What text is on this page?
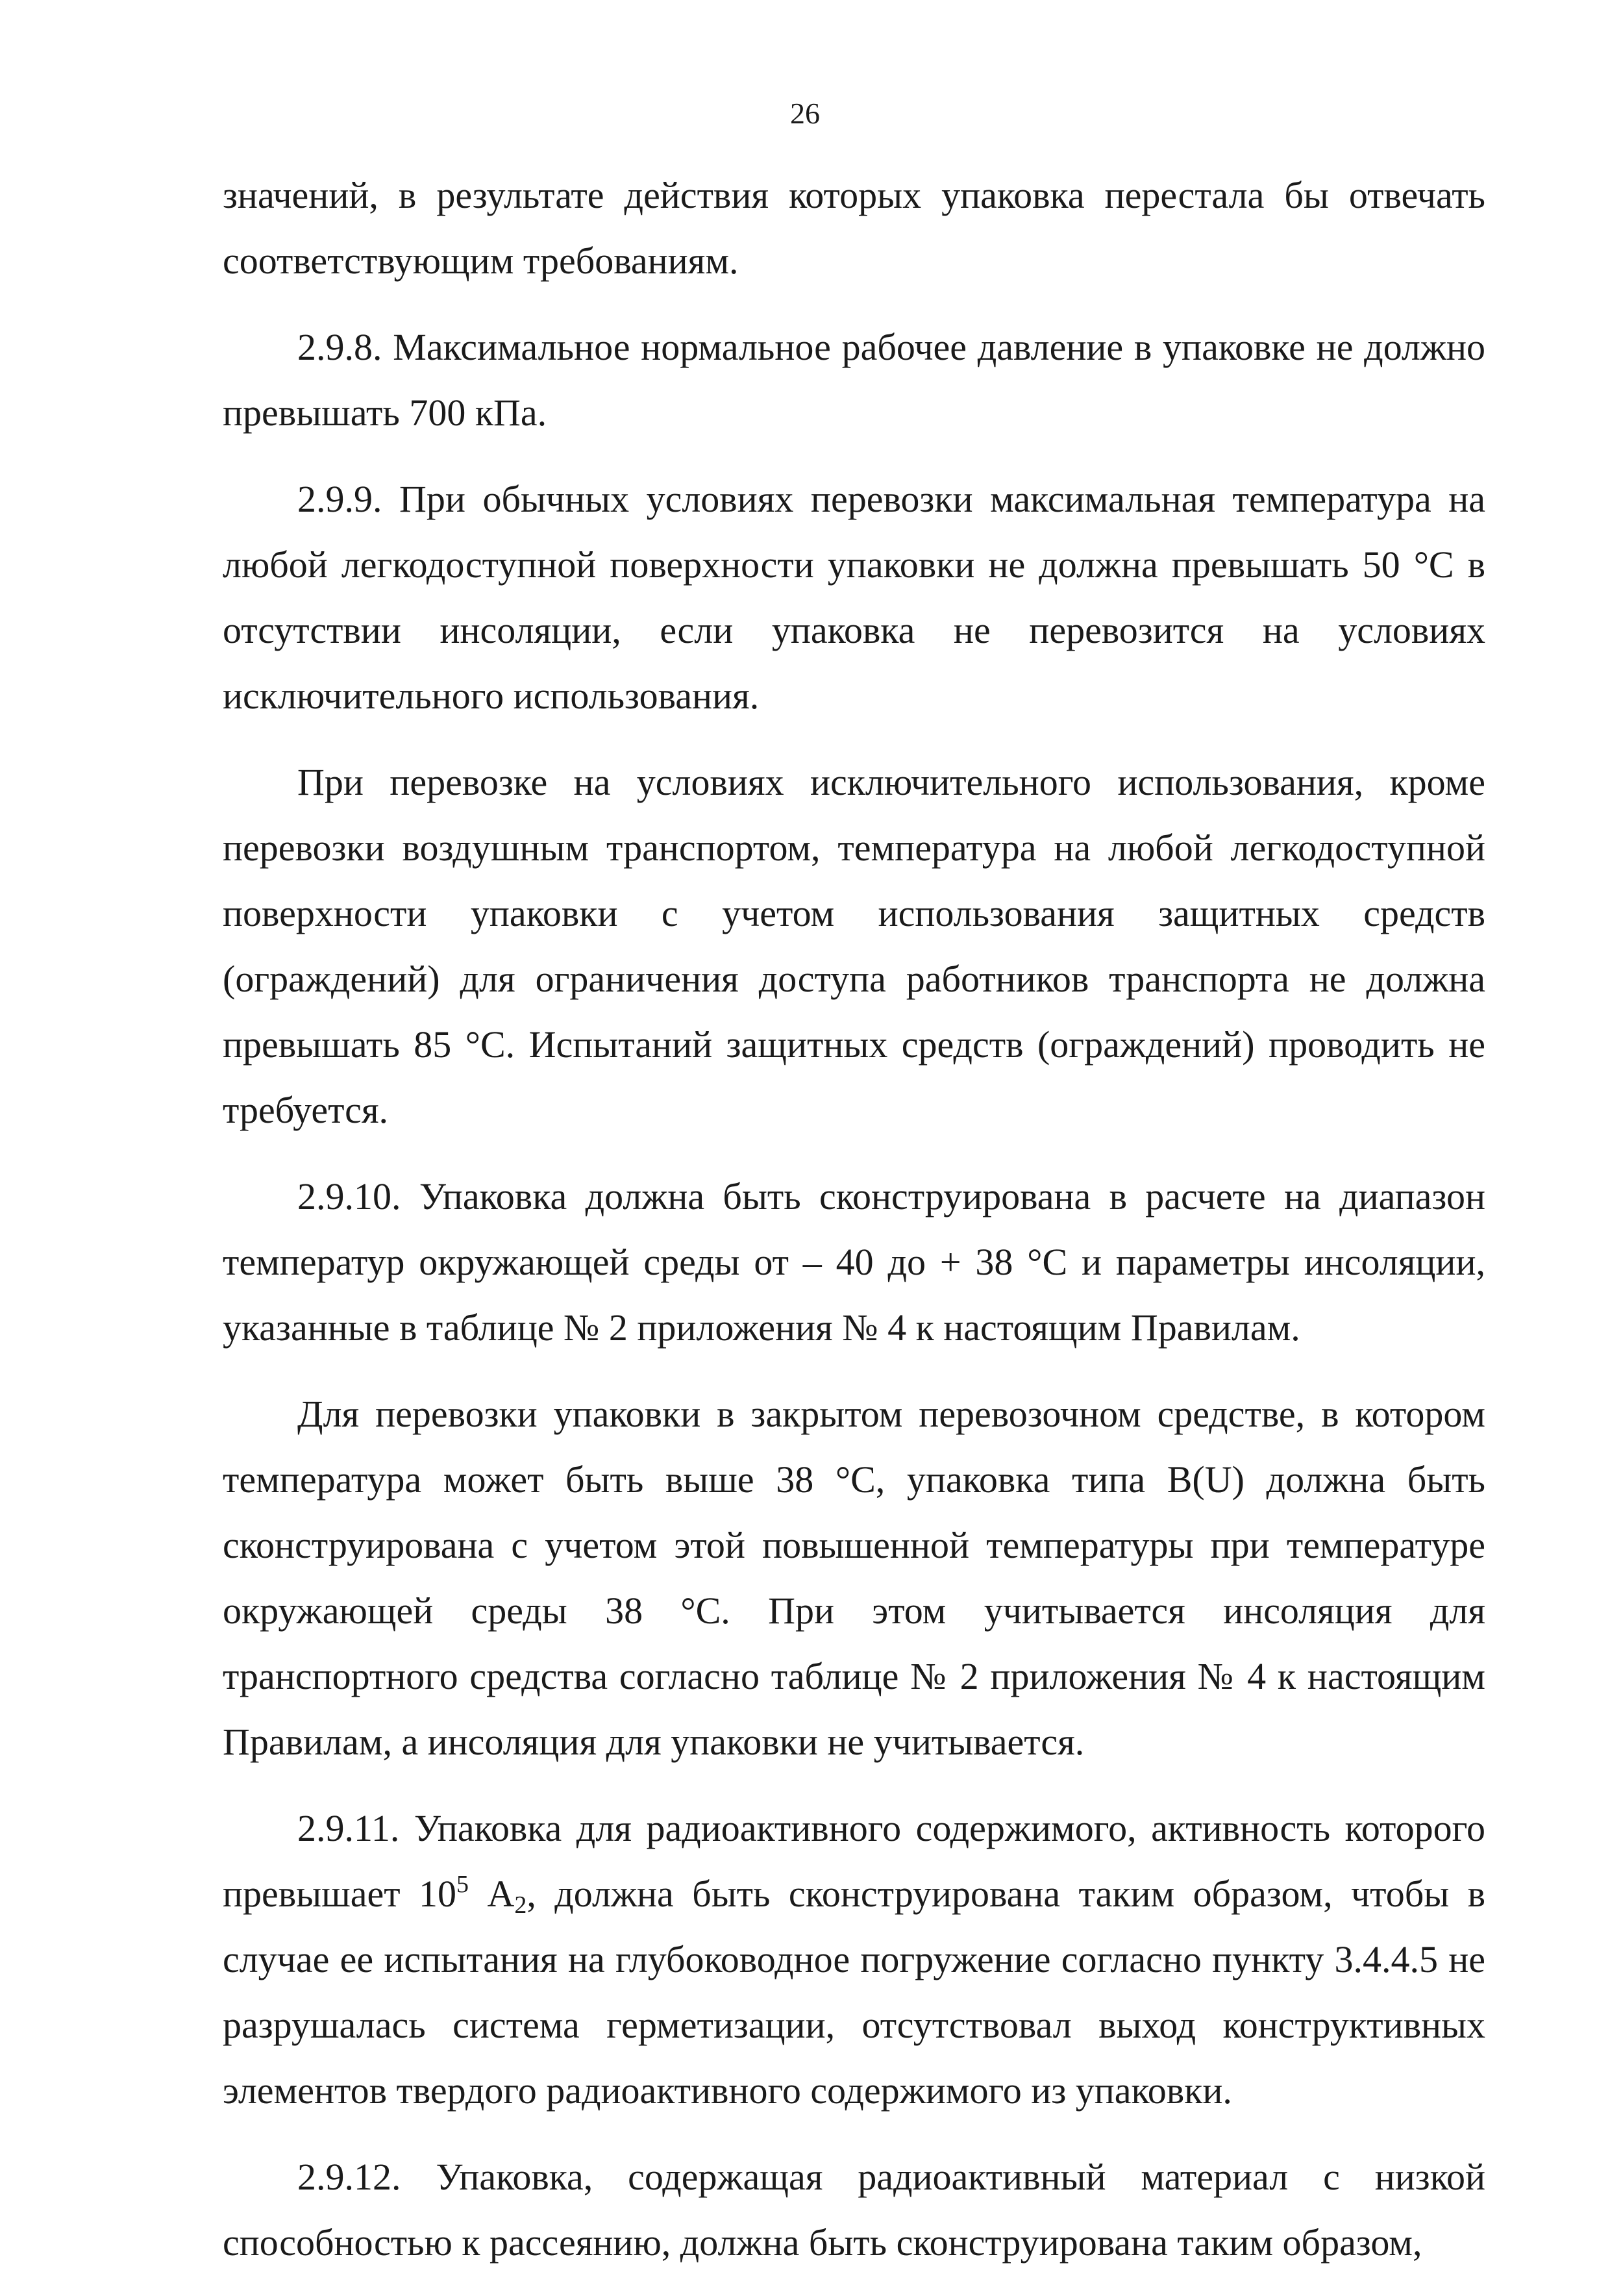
26

значений, в результате действия которых упаковка перестала бы отвечать соответствующим требованиям.

2.9.8. Максимальное нормальное рабочее давление в упаковке не должно превышать 700 кПа.

2.9.9. При обычных условиях перевозки максимальная температура на любой легкодоступной поверхности упаковки не должна превышать 50 °С в отсутствии инсоляции, если упаковка не перевозится на условиях исключительного использования.

При перевозке на условиях исключительного использования, кроме перевозки воздушным транспортом, температура на любой легкодоступной поверхности упаковки с учетом использования защитных средств (ограждений) для ограничения доступа работников транспорта не должна превышать 85 °С. Испытаний защитных средств (ограждений) проводить не требуется.

2.9.10. Упаковка должна быть сконструирована в расчете на диапазон температур окружающей среды от – 40 до + 38 °С и параметры инсоляции, указанные в таблице № 2 приложения № 4 к настоящим Правилам.

Для перевозки упаковки в закрытом перевозочном средстве, в котором температура может быть выше 38 °С, упаковка типа B(U) должна быть сконструирована с учетом этой повышенной температуры при температуре окружающей среды 38 °С. При этом учитывается инсоляция для транспортного средства согласно таблице № 2 приложения № 4 к настоящим Правилам, а инсоляция для упаковки не учитывается.

2.9.11. Упаковка для радиоактивного содержимого, активность которого превышает $10^5$ $А_2$, должна быть сконструирована таким образом, чтобы в случае ее испытания на глубоководное погружение согласно пункту 3.4.4.5 не разрушалась система герметизации, отсутствовал выход конструктивных элементов твердого радиоактивного содержимого из упаковки.

2.9.12. Упаковка, содержащая радиоактивный материал с низкой способностью к рассеянию, должна быть сконструирована таким образом,
